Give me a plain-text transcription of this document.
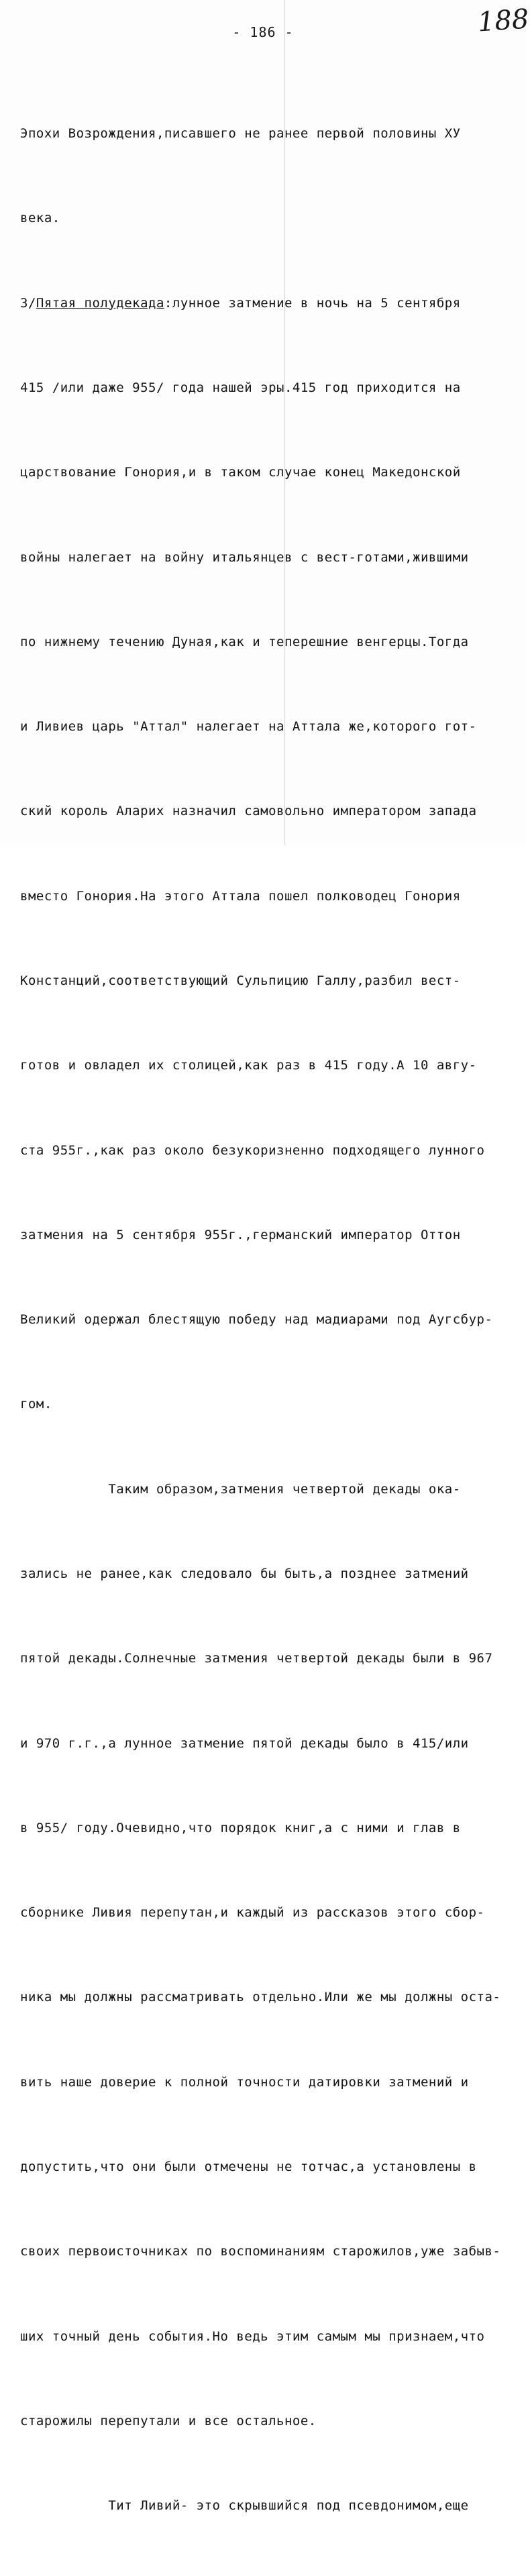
188
- 186 -

Эпохи Возрождения,писавшего не ранее первой половины ХУ

века.

3/Пятая полудекада:лунное затмение в ночь на 5 сентября

415 /или даже 955/ года нашей эры.415 год приходится на

царствование Гонория,и в таком случае конец Македонской

войны налегает на войну итальянцев с вест-готами,жившими

по нижнему течению Дуная,как и теперешние венгерцы.Тогда

и Ливиев царь "Аттал" налегает на Аттала же,которого гот-

ский король Аларих назначил самовольно императором запада

вместо Гонория.На этого Аттала пошел полководец Гонория

Констанций,соответствующий Сульпицию Галлу,разбил вест-

готов и овладел их столицей,как раз в 415 году.А 10 авгу-

ста 955г.,как раз около безукоризненно подходящего лунного

затмения на 5 сентября 955г.,германский император Оттон

Великий одержал блестящую победу над мадиарами под Аугсбур-

гом.

Таким образом,затмения четвертой декады ока-

зались не ранее,как следовало бы быть,а позднее затмений

пятой декады.Солнечные затмения четвертой декады были в 967

и 970 г.г.,а лунное затмение пятой декады было в 415/или

в 955/ году.Очевидно,что порядок книг,а с ними и глав в

сборнике Ливия перепутан,и каждый из рассказов этого сбор-

ника мы должны рассматривать отдельно.Или же мы должны оста-

вить наше доверие к полной точности датировки затмений и

допустить,что они были отмечены не тотчас,а установлены в

своих первоисточниках по воспоминаниям старожилов,уже забыв-

ших точный день события.Но ведь этим самым мы признаем,что

старожилы перепутали и все остальное.

Тит Ливий- это скрывшийся под псевдонимом,еще
